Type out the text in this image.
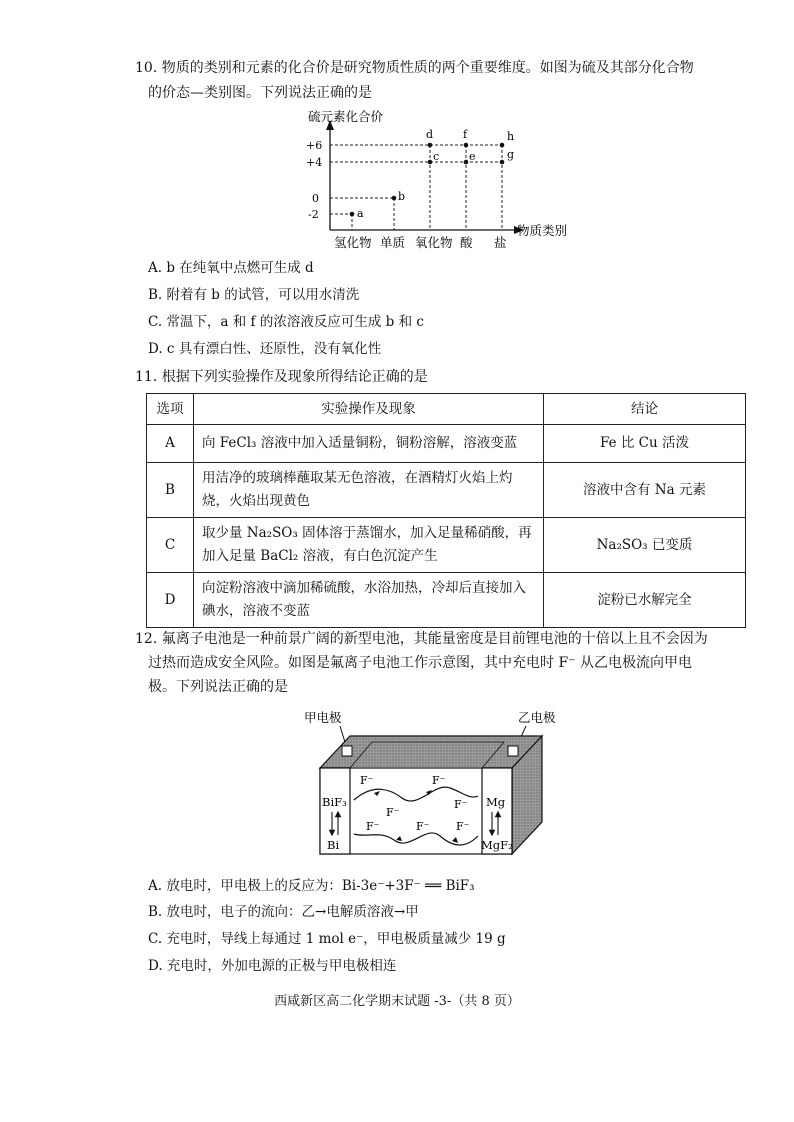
10. 物质的类别和元素的化合价是研究物质性质的两个重要维度。如图为硫及其部分化合物
的价态—类别图。下列说法正确的是
硫元素化合价
物质类别
+6
+4
0
-2	a
b
c
d
e
f
g
h
氢化物 单质 氧化物 酸 盐
A. b 在纯氧中点燃可生成 d
B. 附着有 b 的试管，可以用水清洗
C. 常温下，a 和 f 的浓溶液反应可生成 b 和 c
D. c 具有漂白性、还原性，没有氧化性
11. 根据下列实验操作及现象所得结论正确的是
选项	实验操作及现象	结论
A	向 FeCl₃ 溶液中加入适量铜粉，铜粉溶解，溶液变蓝	Fe 比 Cu 活泼
B	用洁净的玻璃棒蘸取某无色溶液，在酒精灯火焰上灼烧，火焰出现黄色	溶液中含有 Na 元素
C	取少量 Na₂SO₃ 固体溶于蒸馏水，加入足量稀硝酸，再加入足量 BaCl₂ 溶液，有白色沉淀产生	Na₂SO₃ 已变质
D	向淀粉溶液中滴加稀硫酸，水浴加热，冷却后直接加入碘水，溶液不变蓝	淀粉已水解完全
12. 氟离子电池是一种前景广阔的新型电池，其能量密度是目前锂电池的十倍以上且不会因为
过热而造成安全风险。如图是氟离子电池工作示意图，其中充电时 F⁻ 从乙电极流向甲电
极。下列说法正确的是
甲电极	乙电极
BiF₃
Bi
Mg
MgF₂
F⁻	F⁻
F⁻
F⁻
F⁻	F⁻ F⁻
A. 放电时，甲电极上的反应为：Bi-3e⁻+3F⁻ ══ BiF₃
B. 放电时，电子的流向：乙→电解质溶液→甲
C. 充电时，导线上每通过 1 mol e⁻，甲电极质量减少 19 g
D. 充电时，外加电源的正极与甲电极相连
西咸新区高二化学期末试题 -3-（共 8 页）
